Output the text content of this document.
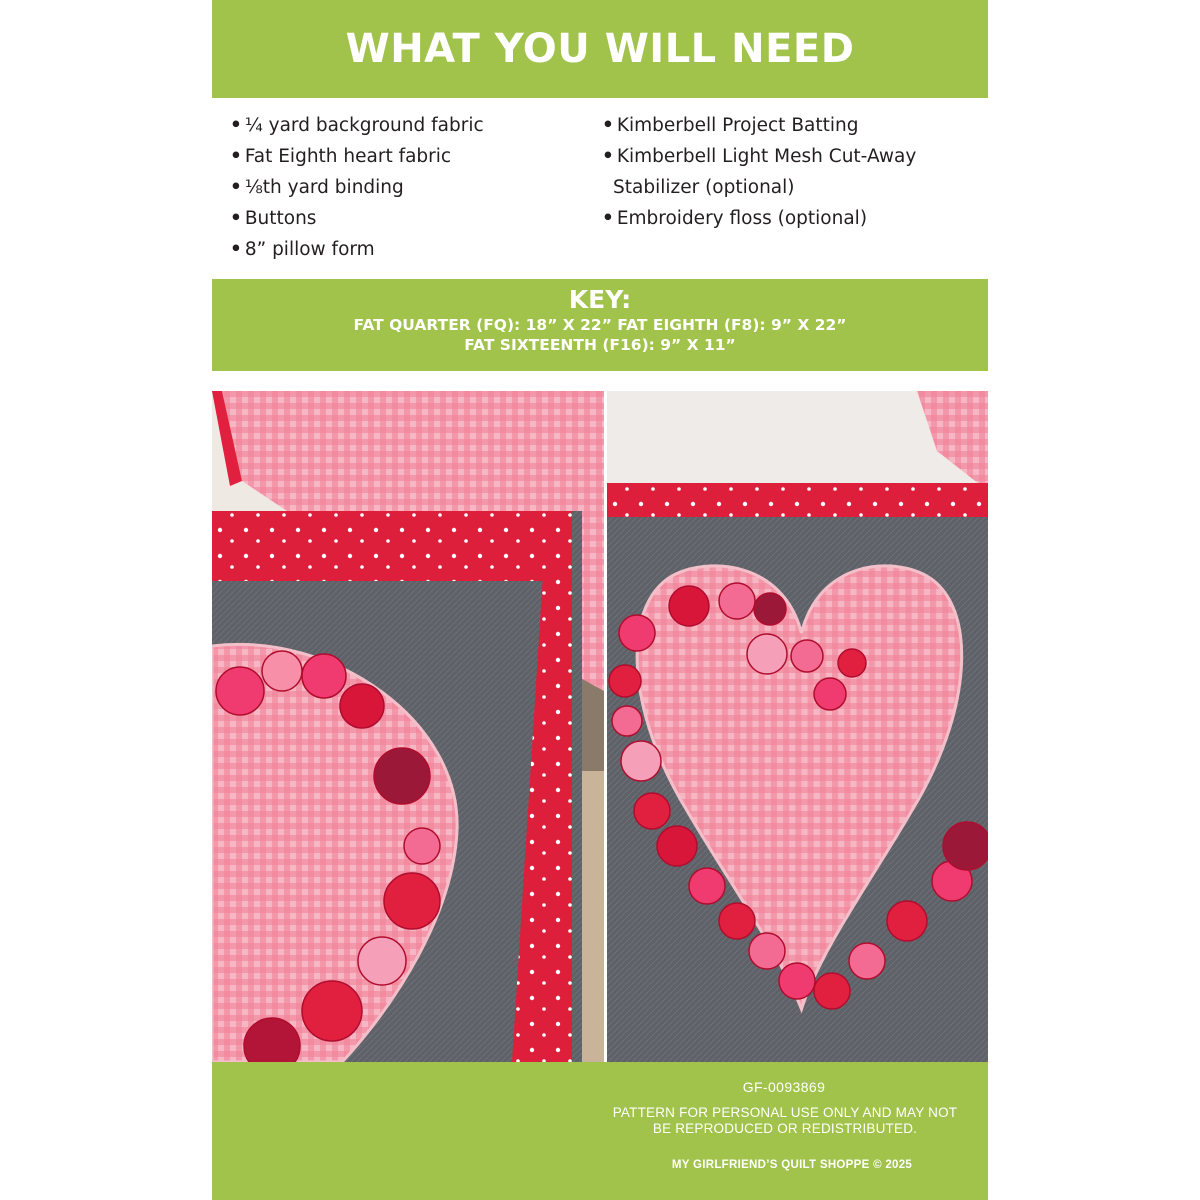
WHAT YOU WILL NEED
• ¼ yard background fabric
• Fat Eighth heart fabric
• ⅛th yard binding
• Buttons
• 8” pillow form
• Kimberbell Project Batting
• Kimberbell Light Mesh Cut-Away
Stabilizer (optional)
• Embroidery floss (optional)
KEY:
FAT QUARTER (FQ): 18” X 22” FAT EIGHTH (F8): 9” X 22”
FAT SIXTEENTH (F16): 9” X 11”
GF-0093869
PATTERN FOR PERSONAL USE ONLY AND MAY NOT BE REPRODUCED OR REDISTRIBUTED.
MY GIRLFRIEND’S QUILT SHOPPE © 2025
